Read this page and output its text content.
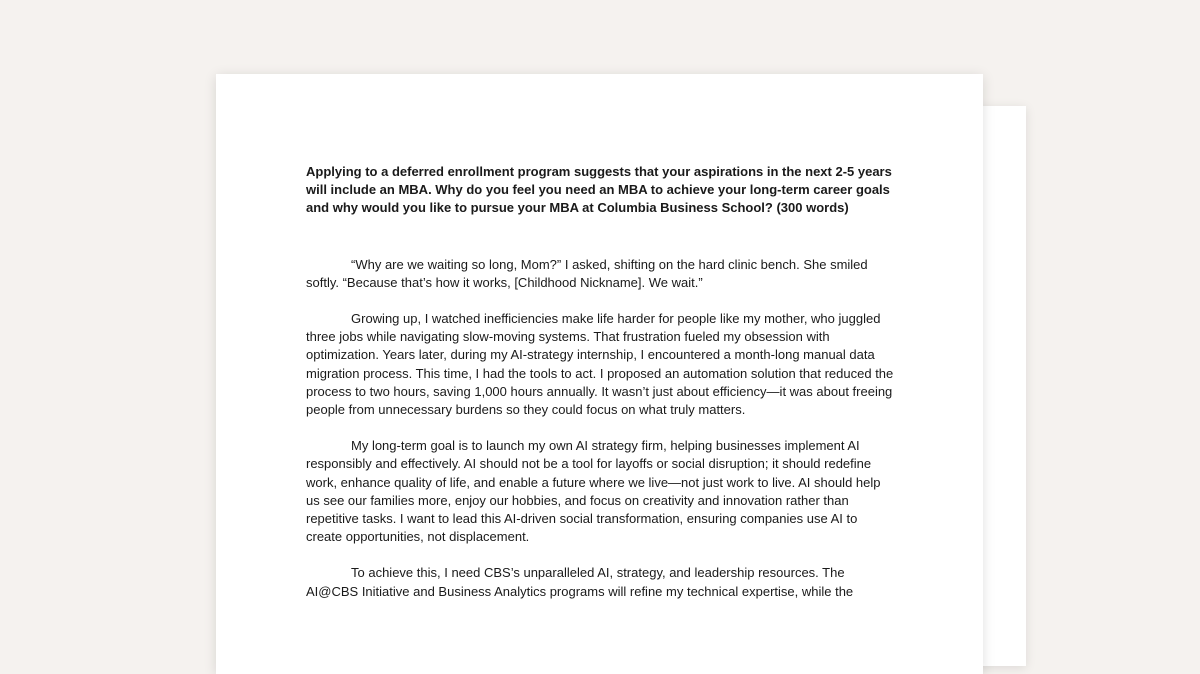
Applying to a deferred enrollment program suggests that your aspirations in the next 2-5 years will include an MBA. Why do you feel you need an MBA to achieve your long-term career goals and why would you like to pursue your MBA at Columbia Business School? (300 words)

“Why are we waiting so long, Mom?” I asked, shifting on the hard clinic bench. She smiled softly. “Because that’s how it works, [Childhood Nickname]. We wait.”

Growing up, I watched inefficiencies make life harder for people like my mother, who juggled three jobs while navigating slow-moving systems. That frustration fueled my obsession with optimization. Years later, during my AI-strategy internship, I encountered a month-long manual data migration process. This time, I had the tools to act. I proposed an automation solution that reduced the process to two hours, saving 1,000 hours annually. It wasn’t just about efficiency—it was about freeing people from unnecessary burdens so they could focus on what truly matters.

My long-term goal is to launch my own AI strategy firm, helping businesses implement AI responsibly and effectively. AI should not be a tool for layoffs or social disruption; it should redefine work, enhance quality of life, and enable a future where we live—not just work to live. AI should help us see our families more, enjoy our hobbies, and focus on creativity and innovation rather than repetitive tasks. I want to lead this AI-driven social transformation, ensuring companies use AI to create opportunities, not displacement.

To achieve this, I need CBS’s unparalleled AI, strategy, and leadership resources. The AI@CBS Initiative and Business Analytics programs will refine my technical expertise, while the
